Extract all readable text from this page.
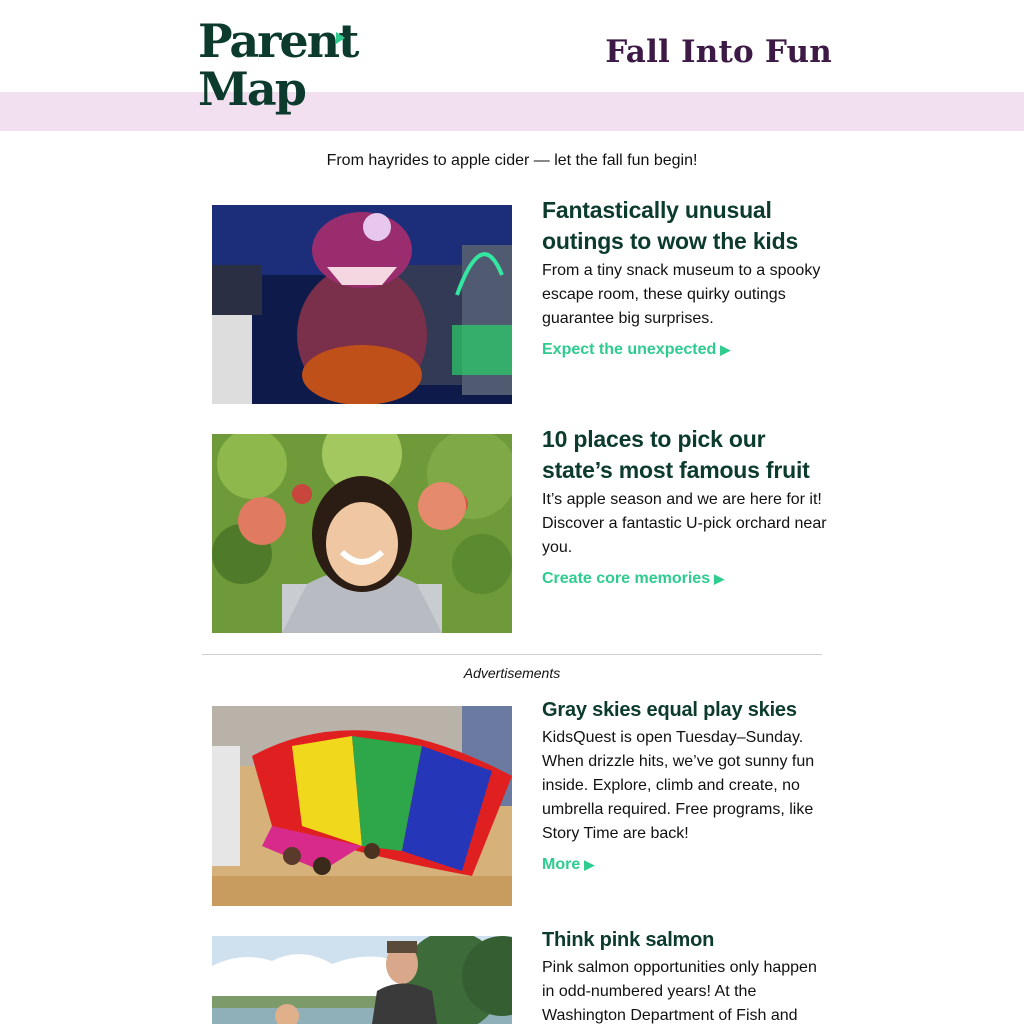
Parent
Map
Fall Into Fun
From hayrides to apple cider — let the fall fun begin!
Fantastically unusual outings to wow the kids

From a tiny snack museum to a spooky escape room, these quirky outings guarantee big surprises.

Expect the unexpected ▶
10 places to pick our state’s most famous fruit

It’s apple season and we are here for it! Discover a fantastic U-pick orchard near you.

Create core memories ▶
Advertisements
Gray skies equal play skies

KidsQuest is open Tuesday–Sunday. When drizzle hits, we’ve got sunny fun inside. Explore, climb and create, no umbrella required. Free programs, like Story Time are back!

More ▶
Think pink salmon

Pink salmon opportunities only happen in odd-numbered years! At the Washington Department of Fish and
